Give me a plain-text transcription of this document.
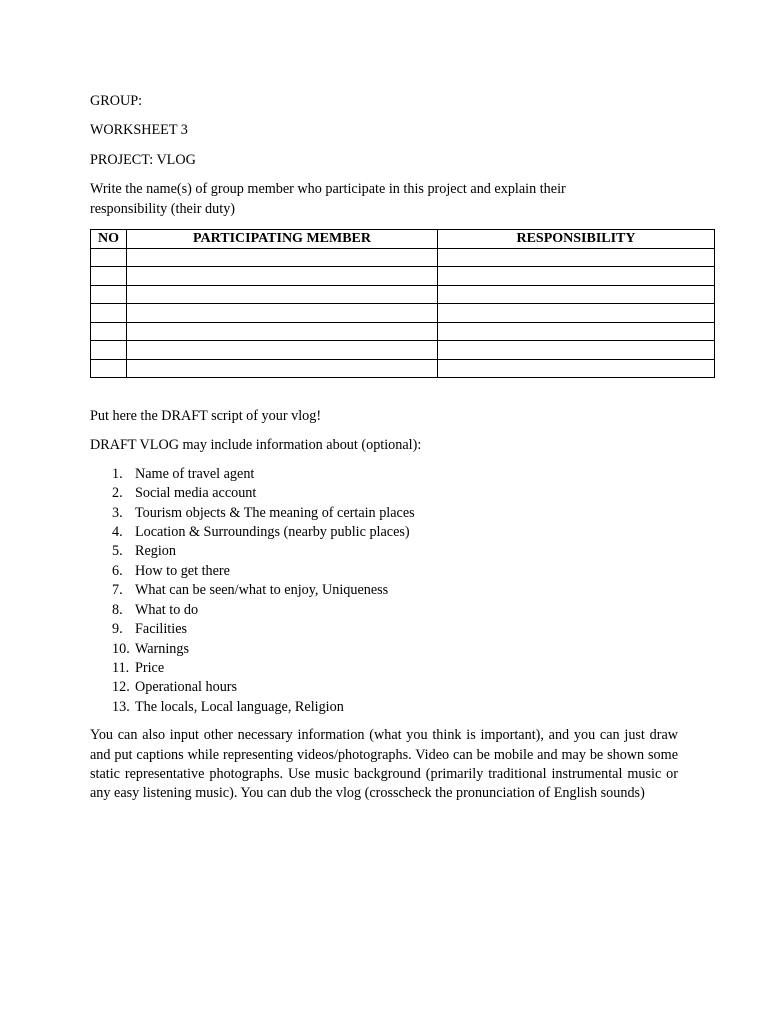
GROUP:

WORKSHEET 3

PROJECT: VLOG

Write the name(s) of group member who participate in this project and explain their

responsibility (their duty)

NO	PARTICIPATING MEMBER	RESPONSIBILITY

Put here the DRAFT script of your vlog!

DRAFT VLOG may include information about (optional):

1. Name of travel agent
2. Social media account
3. Tourism objects & The meaning of certain places
4. Location & Surroundings (nearby public places)
5. Region
6. How to get there
7. What can be seen/what to enjoy, Uniqueness
8. What to do
9. Facilities
10. Warnings
11. Price
12. Operational hours
13. The locals, Local language, Religion

You can also input other necessary information (what you think is important), and you can just draw and put captions while representing videos/photographs. Video can be mobile and may be shown some static representative photographs. Use music background (primarily traditional instrumental music or any easy listening music). You can dub the vlog (crosscheck the pronunciation of English sounds)
